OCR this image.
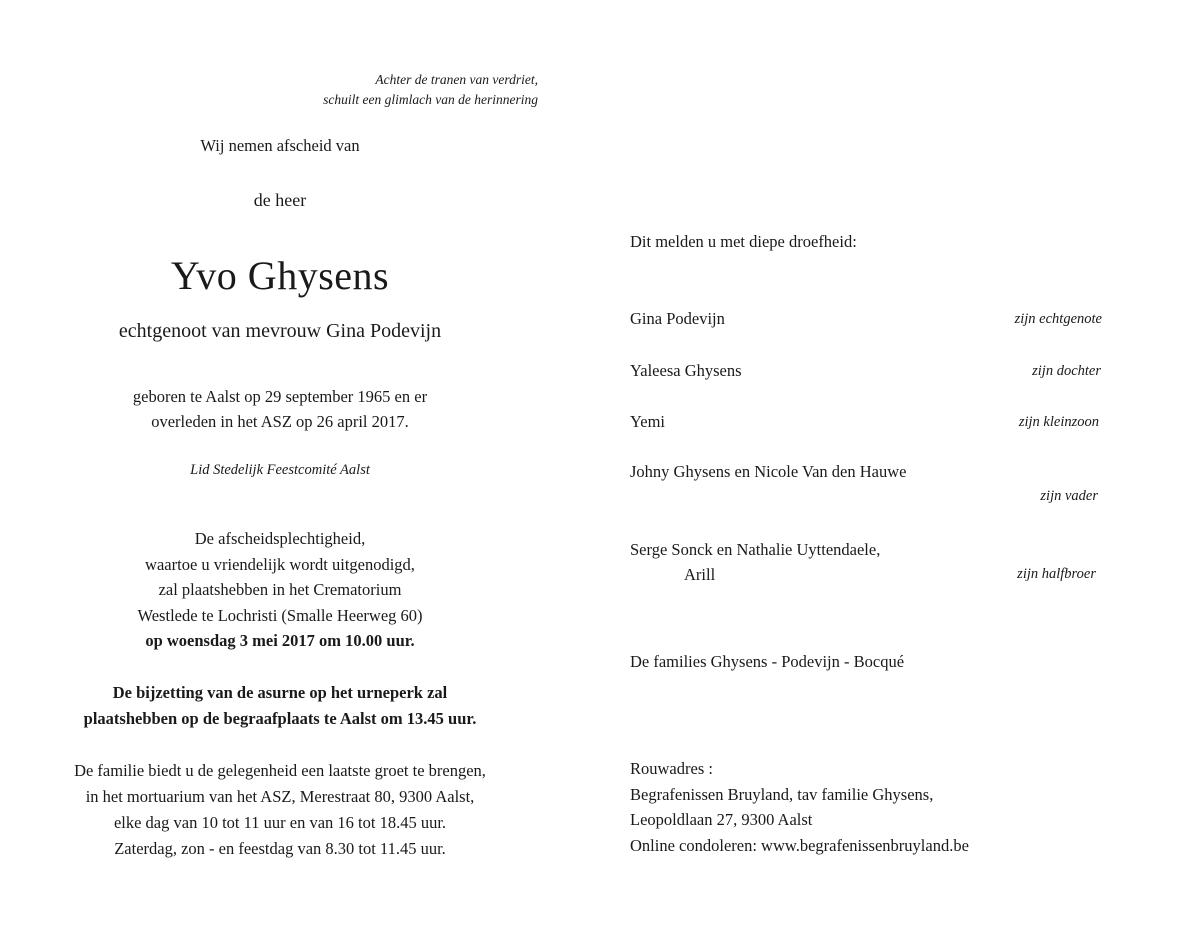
Achter de tranen van verdriet,
schuilt een glimlach van de herinnering
Wij nemen afscheid van
de heer
Yvo Ghysens
echtgenoot van mevrouw Gina Podevijn
geboren te Aalst op 29 september 1965 en er
overleden in het ASZ op 26 april 2017.
Lid Stedelijk Feestcomité Aalst
De afscheidsplechtigheid,
waartoe u vriendelijk wordt uitgenodigd,
zal plaatshebben in het Crematorium
Westlede te Lochristi (Smalle Heerweg 60)
op woensdag 3 mei 2017 om 10.00 uur.
De bijzetting van de asurne op het urneperk zal
plaatshebben op de begraafplaats te Aalst om 13.45 uur.
De familie biedt u de gelegenheid een laatste groet te brengen,
in het mortuarium van het ASZ, Merestraat 80, 9300 Aalst,
elke dag van 10 tot 11 uur en van 16 tot 18.45 uur.
Zaterdag, zon - en feestdag van 8.30 tot 11.45 uur.
Dit melden u met diepe droefheid:
Gina Podevijn	zijn echtgenote
Yaleesa Ghysens	zijn dochter
Yemi	zijn kleinzoon
Johny Ghysens en Nicole Van den Hauwe
zijn vader
Serge Sonck en Nathalie Uyttendaele,
Arill	zijn halfbroer
De families Ghysens - Podevijn - Bocqué
Rouwadres :
Begrafenissen Bruyland, tav familie Ghysens,
Leopoldlaan 27, 9300 Aalst
Online condoleren: www.begrafenissenbruyland.be
